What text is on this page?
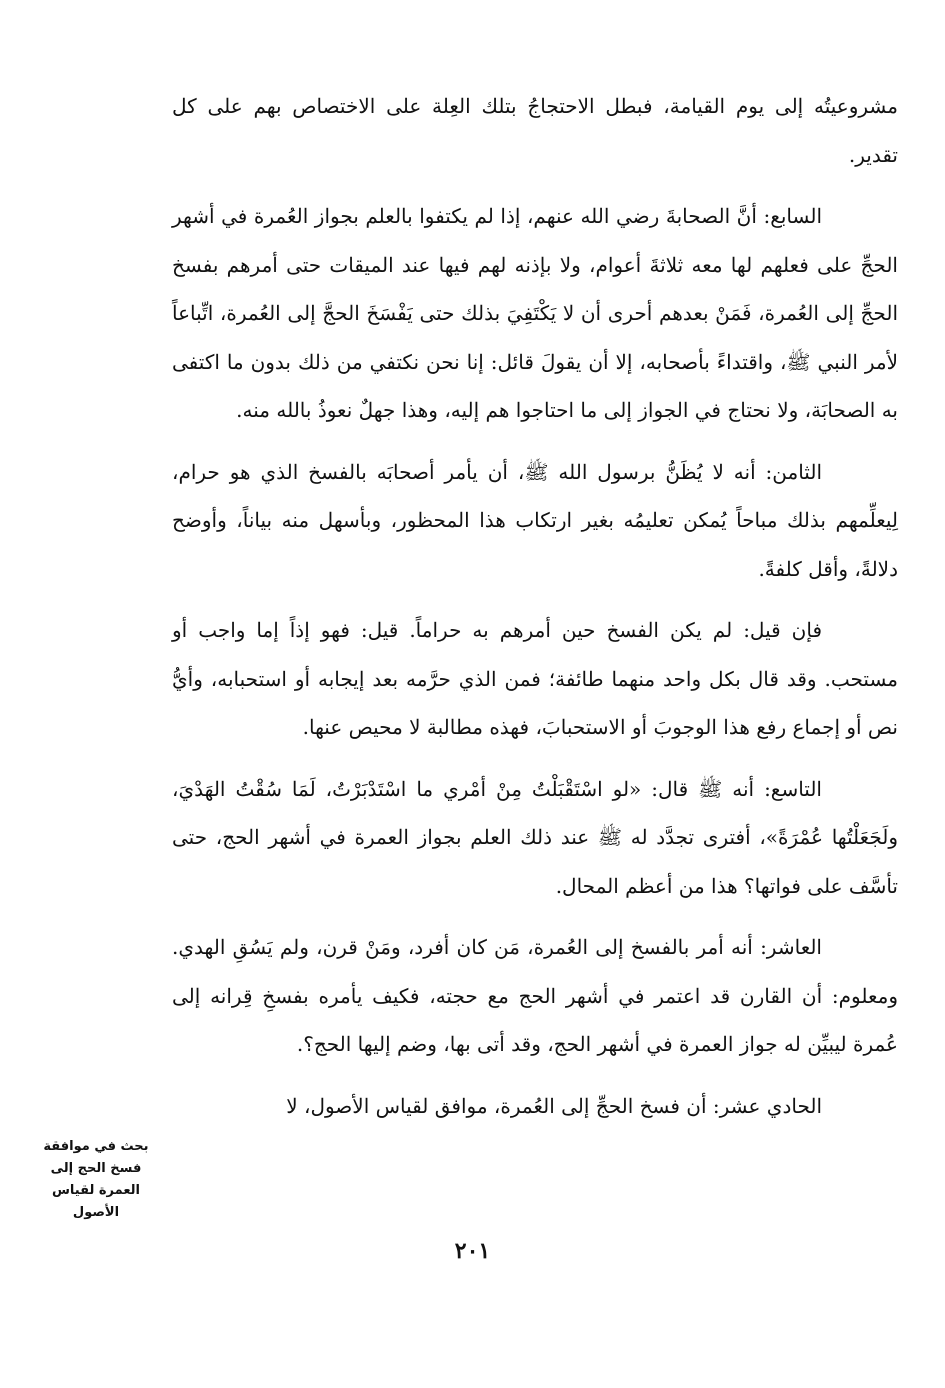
مشروعيتُه إلى يوم القيامة، فبطل الاحتجاجُ بتلك العِلة على الاختصاص بهم على كل تقدير.

السابع: أنَّ الصحابةَ رضي الله عنهم، إذا لم يكتفوا بالعلم بجواز العُمرة في أشهر الحجِّ على فعلهم لها معه ثلاثةَ أعوام، ولا بإذنه لهم فيها عند الميقات حتى أمرهم بفسخ الحجِّ إلى العُمرة، فَمَنْ بعدهم أحرى أن لا يَكْتَفِيَ بذلك حتى يَفْسَخَ الحجَّ إلى العُمرة، اتِّباعاً لأمر النبي ﷺ، واقتداءً بأصحابه، إلا أن يقولَ قائل: إنا نحن نكتفي من ذلك بدون ما اكتفى به الصحابَة، ولا نحتاج في الجواز إلى ما احتاجوا هم إليه، وهذا جهلٌ نعوذُ بالله منه.

الثامن: أنه لا يُظَنُّ برسول الله ﷺ، أن يأمر أصحابَه بالفسخ الذي هو حرام، لِيعلِّمهم بذلك مباحاً يُمكن تعليمُه بغير ارتكاب هذا المحظور، وبأسهل منه بياناً، وأوضح دلالةً، وأقل كلفةً.

فإن قيل: لم يكن الفسخ حين أمرهم به حراماً. قيل: فهو إذاً إما واجب أو مستحب. وقد قال بكل واحد منهما طائفة؛ فمن الذي حرَّمه بعد إيجابه أو استحبابه، وأيُّ نص أو إجماع رفع هذا الوجوبَ أو الاستحبابَ، فهذه مطالبة لا محيص عنها.

التاسع: أنه ﷺ قال: «لو اسْتَقْبَلْتُ مِنْ أمْري ما اسْتَدْبَرْتُ، لَمَا سُقْتُ الهَدْيَ، ولَجَعَلْتُها عُمْرَةً»، أفترى تجدَّد له ﷺ عند ذلك العلم بجواز العمرة في أشهر الحج، حتى تأسَّف على فواتها؟ هذا من أعظم المحال.

العاشر: أنه أمر بالفسخ إلى العُمرة، مَن كان أفرد، ومَنْ قرن، ولم يَسُقِ الهدي. ومعلوم: أن القارن قد اعتمر في أشهر الحج مع حجته، فكيف يأمره بفسخِ قِرانه إلى عُمرة ليبيِّن له جواز العمرة في أشهر الحج، وقد أتى بها، وضم إليها الحج؟.

الحادي عشر: أن فسخ الحجِّ إلى العُمرة، موافق لقياس الأصول، لا

بحث في موافقة فسخ الحج إلى العمرة لقياس الأصول
٢٠١
